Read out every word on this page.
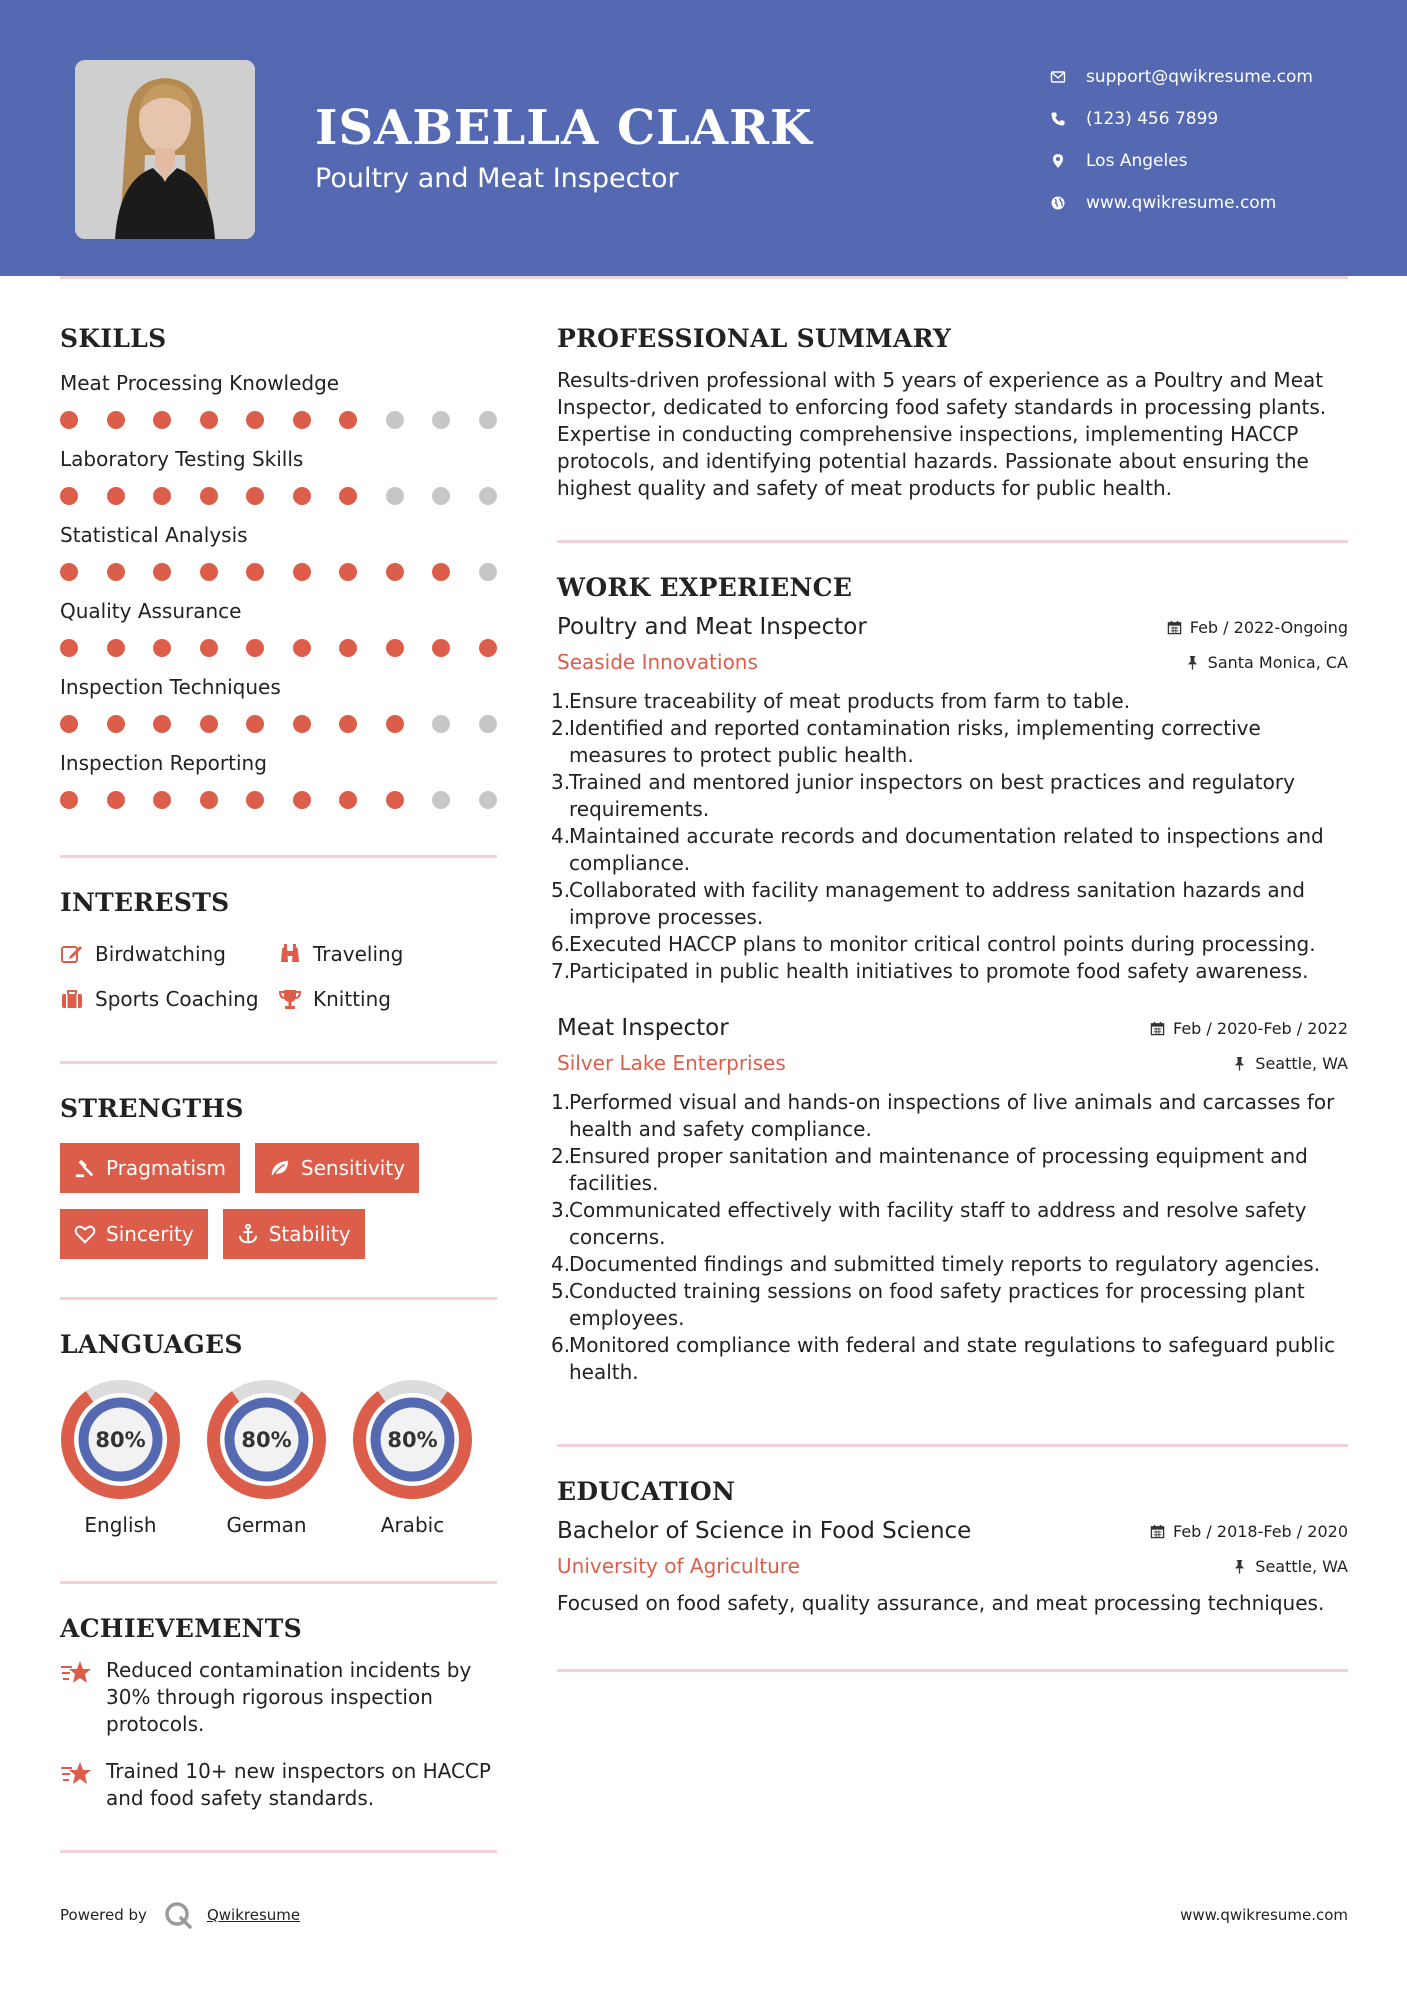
ISABELLA CLARK
Poultry and Meat Inspector
support@qwikresume.com
(123) 456 7899
Los Angeles
www.qwikresume.com
SKILLS
Meat Processing Knowledge
Laboratory Testing Skills
Statistical Analysis
Quality Assurance
Inspection Techniques
Inspection Reporting
INTERESTS
Birdwatching	Traveling
Sports Coaching	Knitting
STRENGTHS
Pragmatism	Sensitivity
Sincerity	Stability
LANGUAGES
80%
English
80%
German
80%
Arabic
ACHIEVEMENTS
Reduced contamination incidents by 30% through rigorous inspection protocols.
Trained 10+ new inspectors on HACCP and food safety standards.
PROFESSIONAL SUMMARY
Results-driven professional with 5 years of experience as a Poultry and Meat Inspector, dedicated to enforcing food safety standards in processing plants. Expertise in conducting comprehensive inspections, implementing HACCP protocols, and identifying potential hazards. Passionate about ensuring the highest quality and safety of meat products for public health.
WORK EXPERIENCE
Poultry and Meat Inspector	Feb / 2022-Ongoing
Seaside Innovations	Santa Monica, CA
1.
Ensure traceability of meat products from farm to table.
2.
Identified and reported contamination risks, implementing corrective measures to protect public health.
3.
Trained and mentored junior inspectors on best practices and regulatory requirements.
4.
Maintained accurate records and documentation related to inspections and compliance.
5.
Collaborated with facility management to address sanitation hazards and improve processes.
6.
Executed HACCP plans to monitor critical control points during processing.
7.
Participated in public health initiatives to promote food safety awareness.
Meat Inspector	Feb / 2020-Feb / 2022
Silver Lake Enterprises	Seattle, WA
1.
Performed visual and hands-on inspections of live animals and carcasses for health and safety compliance.
2.
Ensured proper sanitation and maintenance of processing equipment and facilities.
3.
Communicated effectively with facility staff to address and resolve safety concerns.
4.
Documented findings and submitted timely reports to regulatory agencies.
5.
Conducted training sessions on food safety practices for processing plant employees.
6.
Monitored compliance with federal and state regulations to safeguard public health.
EDUCATION
Bachelor of Science in Food Science	Feb / 2018-Feb / 2020
University of Agriculture	Seattle, WA
Focused on food safety, quality assurance, and meat processing techniques.
Powered by	Qwikresume	www.qwikresume.com
